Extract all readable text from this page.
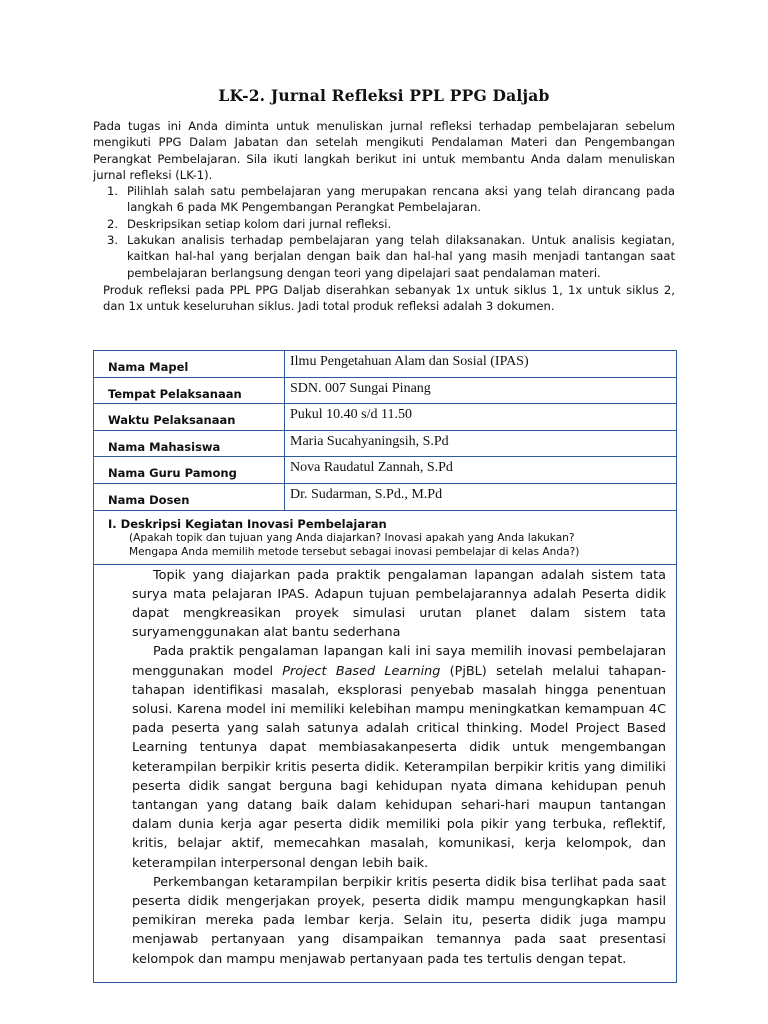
LK-2. Jurnal Refleksi PPL PPG Daljab

Pada tugas ini Anda diminta untuk menuliskan jurnal refleksi terhadap pembelajaran sebelum mengikuti PPG Dalam Jabatan dan setelah mengikuti Pendalaman Materi dan Pengembangan Perangkat Pembelajaran. Sila ikuti langkah berikut ini untuk membantu Anda dalam menuliskan jurnal refleksi (LK-1).

1. Pilihlah salah satu pembelajaran yang merupakan rencana aksi yang telah dirancang pada langkah 6 pada MK Pengembangan Perangkat Pembelajaran.
2. Deskripsikan setiap kolom dari jurnal refleksi.
3. Lakukan analisis terhadap pembelajaran yang telah dilaksanakan. Untuk analisis kegiatan, kaitkan hal-hal yang berjalan dengan baik dan hal-hal yang masih menjadi tantangan saat pembelajaran berlangsung dengan teori yang dipelajari saat pendalaman materi.

Produk refleksi pada PPL PPG Daljab diserahkan sebanyak 1x untuk siklus 1, 1x untuk siklus 2, dan 1x untuk keseluruhan siklus. Jadi total produk refleksi adalah 3 dokumen.

Nama Mapel	Ilmu Pengetahuan Alam dan Sosial (IPAS)
Tempat Pelaksanaan	SDN. 007 Sungai Pinang
Waktu Pelaksanaan	Pukul 10.40 s/d 11.50
Nama Mahasiswa	Maria Sucahyaningsih, S.Pd
Nama Guru Pamong	Nova Raudatul Zannah, S.Pd
Nama Dosen	Dr. Sudarman, S.Pd., M.Pd

I. Deskripsi Kegiatan Inovasi Pembelajaran
(Apakah topik dan tujuan yang Anda diajarkan? Inovasi apakah yang Anda lakukan?
Mengapa Anda memilih metode tersebut sebagai inovasi pembelajar di kelas Anda?)	

Topik yang diajarkan pada praktik pengalaman lapangan adalah sistem tata surya mata pelajaran IPAS. Adapun tujuan pembelajarannya adalah Peserta didik dapat mengkreasikan proyek simulasi urutan planet dalam sistem tata suryamenggunakan alat bantu sederhana

Pada praktik pengalaman lapangan kali ini saya memilih inovasi pembelajaran menggunakan model Project Based Learning (PjBL) setelah melalui tahapan-tahapan identifikasi masalah, eksplorasi penyebab masalah hingga penentuan solusi. Karena model ini memiliki kelebihan mampu meningkatkan kemampuan 4C pada peserta yang salah satunya adalah critical thinking. Model Project Based Learning tentunya dapat membiasakanpeserta didik untuk mengembangan keterampilan berpikir kritis peserta didik. Keterampilan berpikir kritis yang dimiliki peserta didik sangat berguna bagi kehidupan nyata dimana kehidupan penuh tantangan yang datang baik dalam kehidupan sehari-hari maupun tantangan dalam dunia kerja agar peserta didik memiliki pola pikir yang terbuka, reflektif, kritis, belajar aktif, memecahkan masalah, komunikasi, kerja kelompok, dan keterampilan interpersonal dengan lebih baik.

Perkembangan ketarampilan berpikir kritis peserta didik bisa terlihat pada saat peserta didik mengerjakan proyek, peserta didik mampu mengungkapkan hasil pemikiran mereka pada lembar kerja. Selain itu, peserta didik juga mampu menjawab pertanyaan yang disampaikan temannya pada saat presentasi kelompok dan mampu menjawab pertanyaan pada tes tertulis dengan tepat.	
